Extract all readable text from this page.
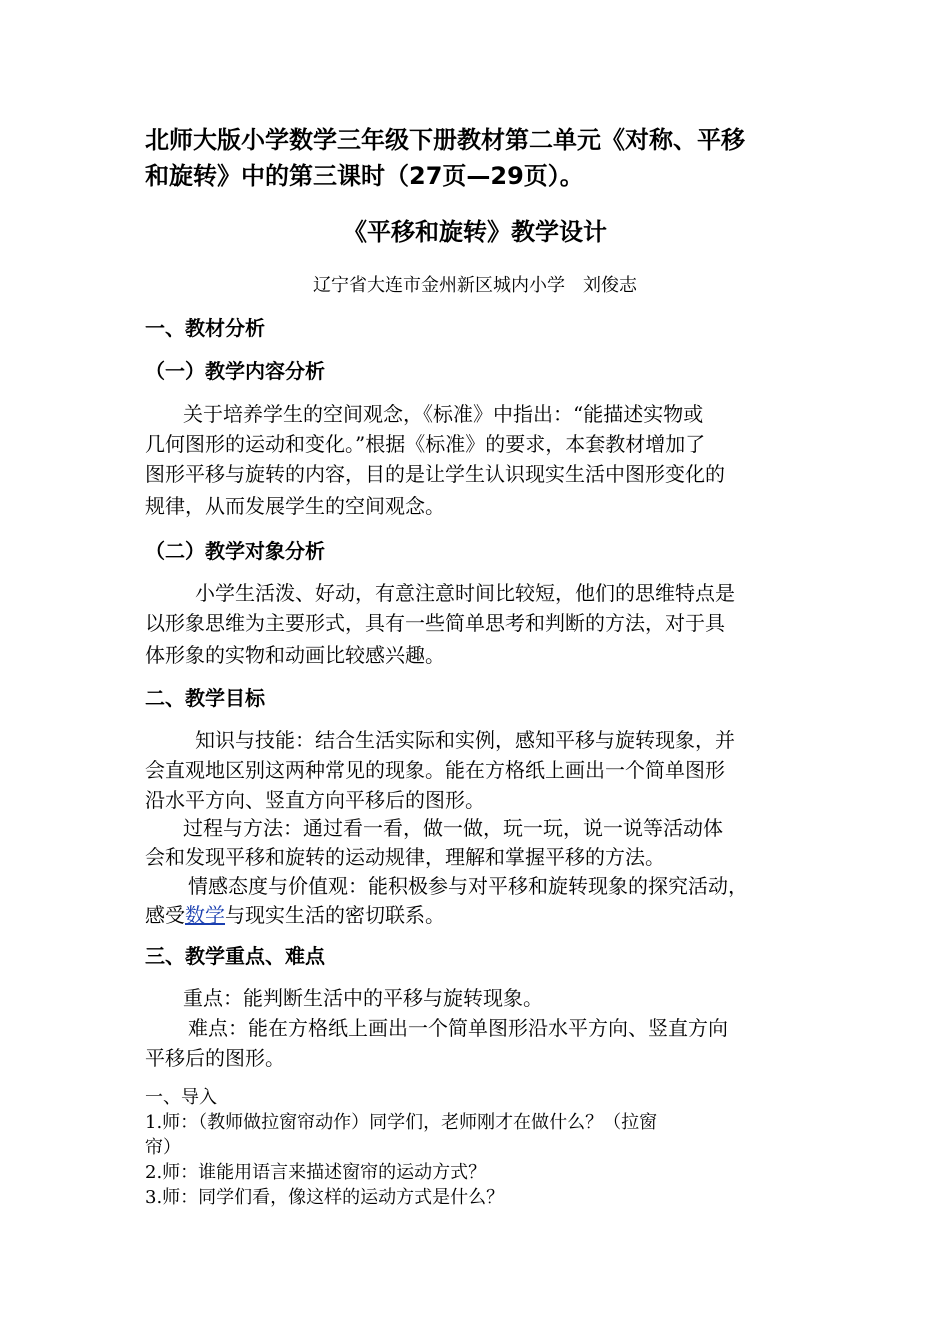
北师大版小学数学三年级下册教材第二单元《对称、平移
和旋转》中的第三课时（27页—29页）。
《平移和旋转》教学设计
辽宁省大连市金州新区城内小学　刘俊志
一、教材分析
（一）教学内容分析
关于培养学生的空间观念，《标准》中指出：“能描述实物或
几何图形的运动和变化。”根据《标准》的要求，本套教材增加了
图形平移与旋转的内容，目的是让学生认识现实生活中图形变化的
规律，从而发展学生的空间观念。
（二）教学对象分析
小学生活泼、好动，有意注意时间比较短，他们的思维特点是
以形象思维为主要形式，具有一些简单思考和判断的方法，对于具
体形象的实物和动画比较感兴趣。
二、教学目标
知识与技能：结合生活实际和实例，感知平移与旋转现象，并
会直观地区别这两种常见的现象。能在方格纸上画出一个简单图形
沿水平方向、竖直方向平移后的图形。
过程与方法：通过看一看，做一做，玩一玩，说一说等活动体
会和发现平移和旋转的运动规律，理解和掌握平移的方法。
情感态度与价值观：能积极参与对平移和旋转现象的探究活动，
感受数学与现实生活的密切联系。
三、教学重点、难点
重点：能判断生活中的平移与旋转现象。
难点：能在方格纸上画出一个简单图形沿水平方向、竖直方向
平移后的图形。
一、导入
1.师：（教师做拉窗帘动作）同学们，老师刚才在做什么？（拉窗
帘）
2.师：谁能用语言来描述窗帘的运动方式？
3.师：同学们看，像这样的运动方式是什么？
